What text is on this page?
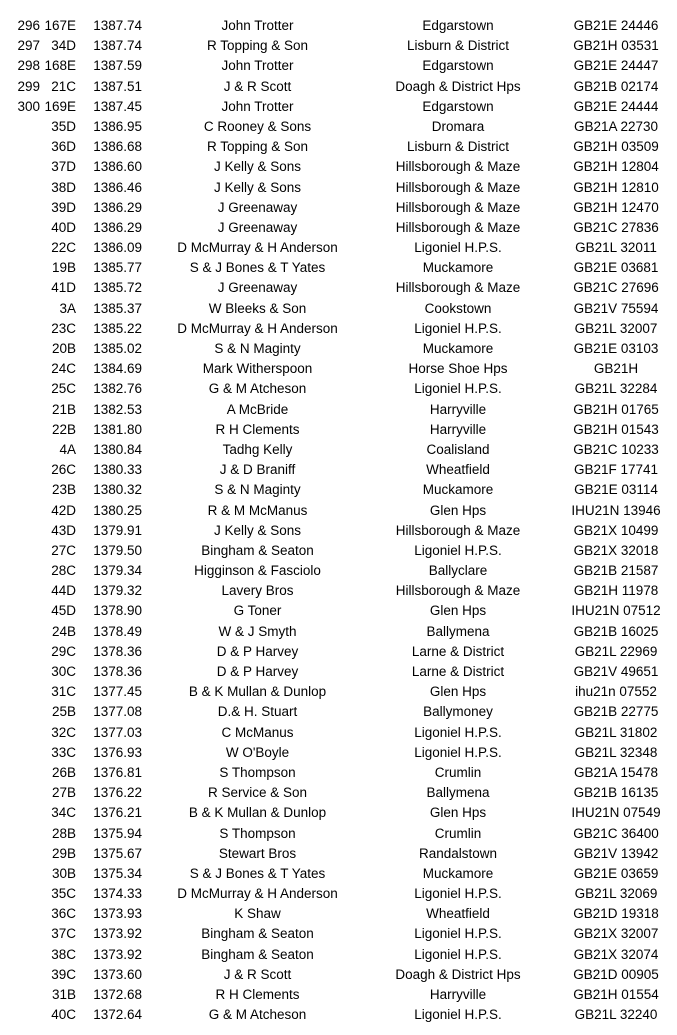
296 167E	1387.74	John Trotter	Edgarstown	GB21E 24446
297 34D	1387.74	R Topping & Son	Lisburn & District	GB21H 03531
298 168E	1387.59	John Trotter	Edgarstown	GB21E 24447
299 21C	1387.51	J & R Scott	Doagh & District Hps	GB21B 02174
300 169E	1387.45	John Trotter	Edgarstown	GB21E 24444
35D	1386.95	C Rooney & Sons	Dromara	GB21A 22730
36D	1386.68	R Topping & Son	Lisburn & District	GB21H 03509
37D	1386.60	J Kelly & Sons	Hillsborough & Maze	GB21H 12804
38D	1386.46	J Kelly & Sons	Hillsborough & Maze	GB21H 12810
39D	1386.29	J Greenaway	Hillsborough & Maze	GB21H 12470
40D	1386.29	J Greenaway	Hillsborough & Maze	GB21C 27836
22C	1386.09	D McMurray & H Anderson	Ligoniel H.P.S.	GB21L 32011
19B	1385.77	S & J Bones & T Yates	Muckamore	GB21E 03681
41D	1385.72	J Greenaway	Hillsborough & Maze	GB21C 27696
3A	1385.37	W Bleeks & Son	Cookstown	GB21V 75594
23C	1385.22	D McMurray & H Anderson	Ligoniel H.P.S.	GB21L 32007
20B	1385.02	S & N Maginty	Muckamore	GB21E 03103
24C	1384.69	Mark Witherspoon	Horse Shoe Hps	GB21H
25C	1382.76	G & M Atcheson	Ligoniel H.P.S.	GB21L 32284
21B	1382.53	A McBride	Harryville	GB21H 01765
22B	1381.80	R H Clements	Harryville	GB21H 01543
4A	1380.84	Tadhg Kelly	Coalisland	GB21C 10233
26C	1380.33	J & D Braniff	Wheatfield	GB21F 17741
23B	1380.32	S & N Maginty	Muckamore	GB21E 03114
42D	1380.25	R & M McManus	Glen Hps	IHU21N 13946
43D	1379.91	J Kelly & Sons	Hillsborough & Maze	GB21X 10499
27C	1379.50	Bingham & Seaton	Ligoniel H.P.S.	GB21X 32018
28C	1379.34	Higginson & Fasciolo	Ballyclare	GB21B 21587
44D	1379.32	Lavery Bros	Hillsborough & Maze	GB21H 11978
45D	1378.90	G Toner	Glen Hps	IHU21N 07512
24B	1378.49	W & J Smyth	Ballymena	GB21B 16025
29C	1378.36	D & P Harvey	Larne & District	GB21L 22969
30C	1378.36	D & P Harvey	Larne & District	GB21V 49651
31C	1377.45	B & K Mullan & Dunlop	Glen Hps	ihu21n 07552
25B	1377.08	D.& H. Stuart	Ballymoney	GB21B 22775
32C	1377.03	C McManus	Ligoniel H.P.S.	GB21L 31802
33C	1376.93	W O'Boyle	Ligoniel H.P.S.	GB21L 32348
26B	1376.81	S Thompson	Crumlin	GB21A 15478
27B	1376.22	R Service & Son	Ballymena	GB21B 16135
34C	1376.21	B & K Mullan & Dunlop	Glen Hps	IHU21N 07549
28B	1375.94	S Thompson	Crumlin	GB21C 36400
29B	1375.67	Stewart Bros	Randalstown	GB21V 13942
30B	1375.34	S & J Bones & T Yates	Muckamore	GB21E 03659
35C	1374.33	D McMurray & H Anderson	Ligoniel H.P.S.	GB21L 32069
36C	1373.93	K Shaw	Wheatfield	GB21D 19318
37C	1373.92	Bingham & Seaton	Ligoniel H.P.S.	GB21X 32007
38C	1373.92	Bingham & Seaton	Ligoniel H.P.S.	GB21X 32074
39C	1373.60	J & R Scott	Doagh & District Hps	GB21D 00905
31B	1372.68	R H Clements	Harryville	GB21H 01554
40C	1372.64	G & M Atcheson	Ligoniel H.P.S.	GB21L 32240
